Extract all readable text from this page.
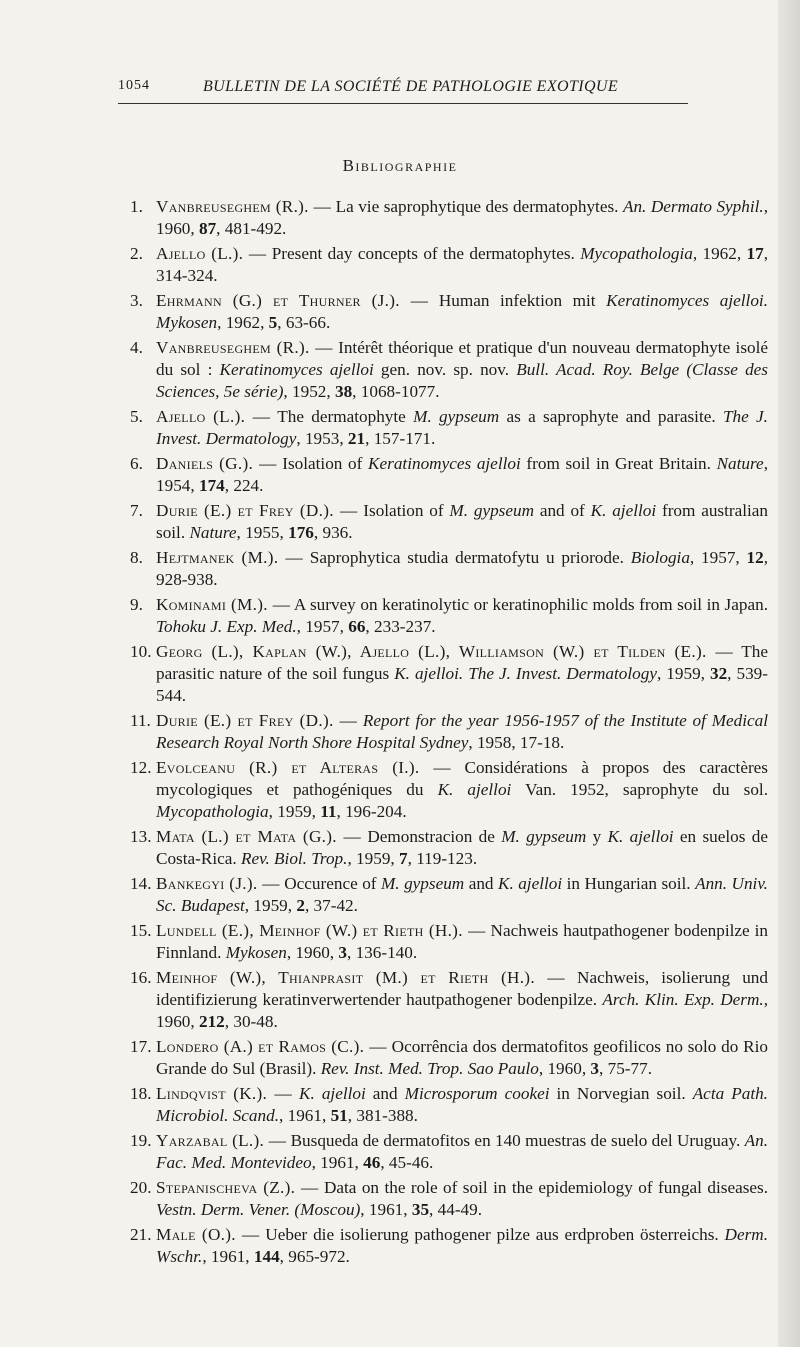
1054	BULLETIN DE LA SOCIÉTÉ DE PATHOLOGIE EXOTIQUE
Bibliographie
1. Vanbreuseghem (R.). — La vie saprophytique des dermatophytes. An. Dermato Syphil., 1960, 87, 481-492.
2. Ajello (L.). — Present day concepts of the dermatophytes. Mycopathologia, 1962, 17, 314-324.
3. Ehrmann (G.) et Thurner (J.). — Human infektion mit Keratinomyces ajelloi. Mykosen, 1962, 5, 63-66.
4. Vanbreuseghem (R.). — Intérêt théorique et pratique d'un nouveau dermatophyte isolé du sol : Keratinomyces ajelloi gen. nov. sp. nov. Bull. Acad. Roy. Belge (Classe des Sciences, 5e série), 1952, 38, 1068-1077.
5. Ajello (L.). — The dermatophyte M. gypseum as a saprophyte and parasite. The J. Invest. Dermatology, 1953, 21, 157-171.
6. Daniels (G.). — Isolation of Keratinomyces ajelloi from soil in Great Britain. Nature, 1954, 174, 224.
7. Durie (E.) et Frey (D.). — Isolation of M. gypseum and of K. ajelloi from australian soil. Nature, 1955, 176, 936.
8. Hejtmanek (M.). — Saprophytica studia dermatofytu u priorode. Biologia, 1957, 12, 928-938.
9. Kominami (M.). — A survey on keratinolytic or keratinophilic molds from soil in Japan. Tohoku J. Exp. Med., 1957, 66, 233-237.
10. Georg (L.), Kaplan (W.), Ajello (L.), Williamson (W.) et Tilden (E.). — The parasitic nature of the soil fungus K. ajelloi. The J. Invest. Dermatology, 1959, 32, 539-544.
11. Durie (E.) et Frey (D.). — Report for the year 1956-1957 of the Institute of Medical Research Royal North Shore Hospital Sydney, 1958, 17-18.
12. Evolceanu (R.) et Alteras (I.). — Considérations à propos des caractères mycologiques et pathogéniques du K. ajelloi Van. 1952, saprophyte du sol. Mycopathologia, 1959, 11, 196-204.
13. Mata (L.) et Mata (G.). — Demonstracion de M. gypseum y K. ajelloi en suelos de Costa-Rica. Rev. Biol. Trop., 1959, 7, 119-123.
14. Bankegyi (J.). — Occurence of M. gypseum and K. ajelloi in Hungarian soil. Ann. Univ. Sc. Budapest, 1959, 2, 37-42.
15. Lundell (E.), Meinhof (W.) et Rieth (H.). — Nachweis hautpathogener bodenpilze in Finnland. Mykosen, 1960, 3, 136-140.
16. Meinhof (W.), Thianprasit (M.) et Rieth (H.). — Nachweis, isolierung und identifizierung keratinverwertender hautpathogener bodenpilze. Arch. Klin. Exp. Derm., 1960, 212, 30-48.
17. Londero (A.) et Ramos (C.). — Ocorrência dos dermatofitos geofilicos no solo do Rio Grande do Sul (Brasil). Rev. Inst. Med. Trop. Sao Paulo, 1960, 3, 75-77.
18. Lindqvist (K.). — K. ajelloi and Microsporum cookei in Norvegian soil. Acta Path. Microbiol. Scand., 1961, 51, 381-388.
19. Yarzabal (L.). — Busqueda de dermatofitos en 140 muestras de suelo del Uruguay. An. Fac. Med. Montevideo, 1961, 46, 45-46.
20. Stepanischeva (Z.). — Data on the role of soil in the epidemiology of fungal diseases. Vestn. Derm. Vener. (Moscou), 1961, 35, 44-49.
21. Male (O.). — Ueber die isolierung pathogener pilze aus erdproben österreichs. Derm. Wschr., 1961, 144, 965-972.
